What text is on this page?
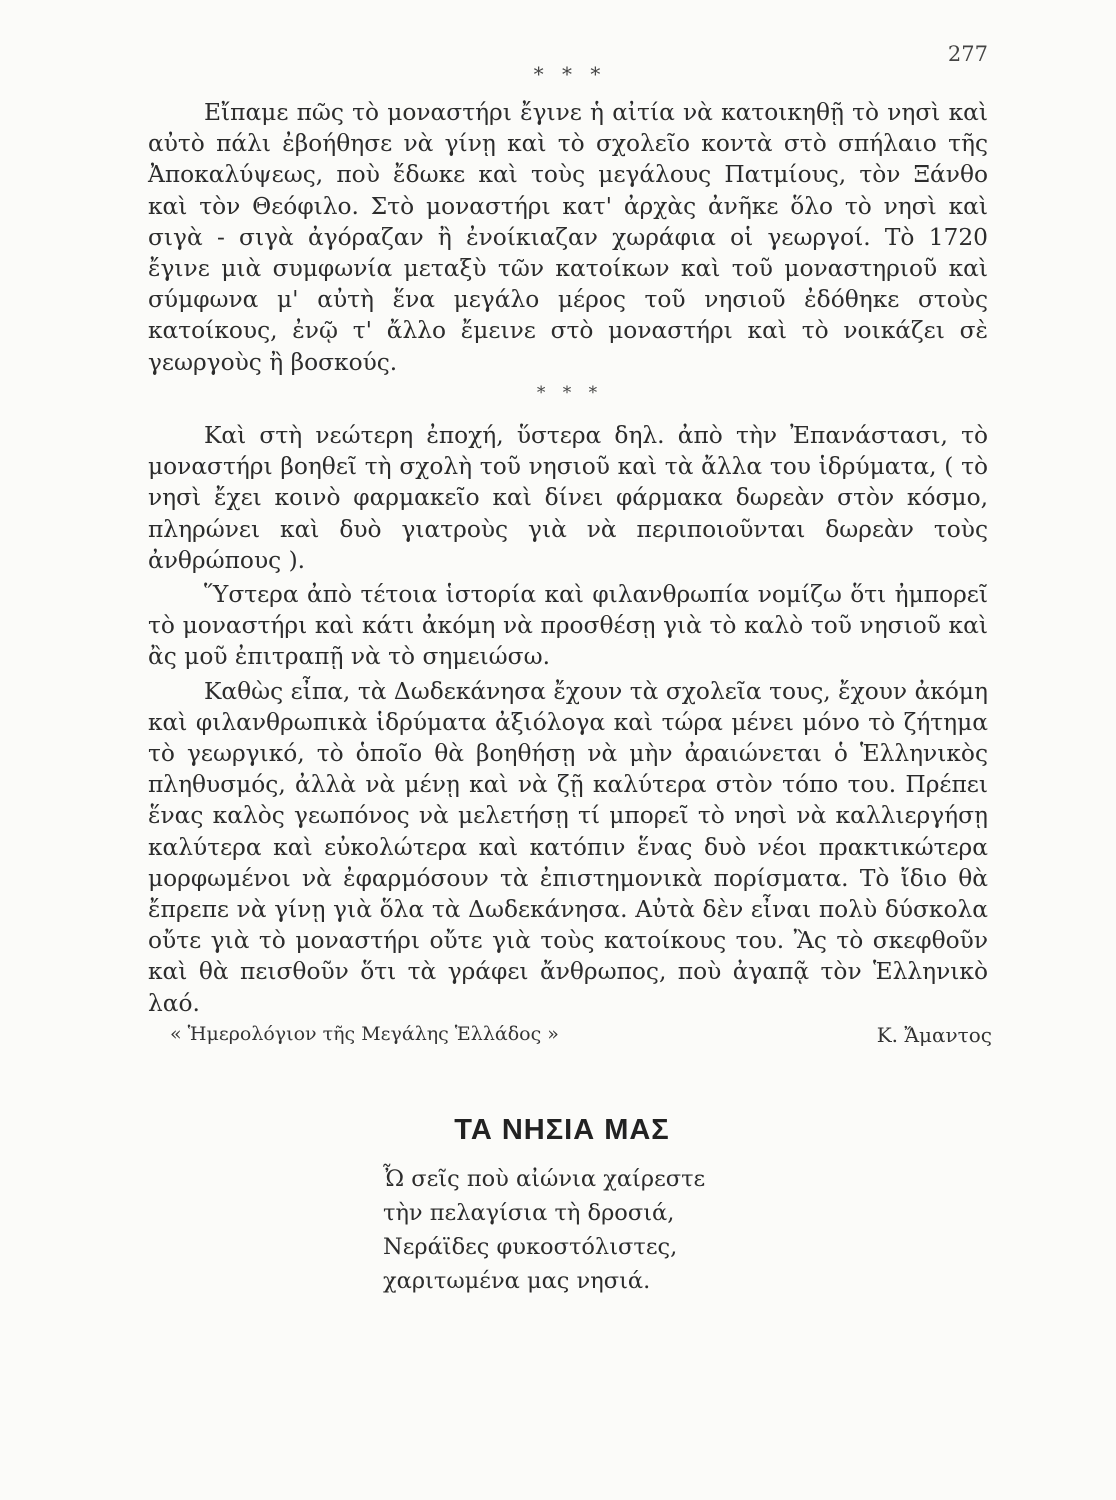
277
* * *

Εἴπαμε πῶς τὸ μοναστήρι ἔγινε ἡ αἰτία νὰ κατοικηθῇ τὸ νησὶ καὶ αὐτὸ πάλι ἐβοήθησε νὰ γίνῃ καὶ τὸ σχολεῖο κοντὰ στὸ σπήλαιο τῆς Ἀποκαλύψεως, ποὺ ἔδωκε καὶ τοὺς μεγάλους Πατμίους, τὸν Ξάνθο καὶ τὸν Θεόφιλο. Στὸ μοναστήρι κατ' ἀρχὰς ἀνῆκε ὅλο τὸ νησὶ καὶ σιγὰ - σιγὰ ἀγόραζαν ἢ ἐνοίκιαζαν χωράφια οἱ γεωργοί. Τὸ 1720 ἔγινε μιὰ συμφωνία μεταξὺ τῶν κατοίκων καὶ τοῦ μοναστηριοῦ καὶ σύμφωνα μ' αὐτὴ ἕνα μεγάλο μέρος τοῦ νησιοῦ ἐδόθηκε στοὺς κατοίκους, ἐνῷ τ' ἄλλο ἔμεινε στὸ μοναστήρι καὶ τὸ νοικάζει σὲ γεωργοὺς ἢ βοσκούς.

* * *

Καὶ στὴ νεώτερη ἐποχή, ὕστερα δηλ. ἀπὸ τὴν Ἐπανάστασι, τὸ μοναστήρι βοηθεῖ τὴ σχολὴ τοῦ νησιοῦ καὶ τὰ ἄλλα του ἱδρύματα, ( τὸ νησὶ ἔχει κοινὸ φαρμακεῖο καὶ δίνει φάρμακα δωρεὰν στὸν κόσμο, πληρώνει καὶ δυὸ γιατροὺς γιὰ νὰ περιποιοῦνται δωρεὰν τοὺς ἀνθρώπους ).

Ὕστερα ἀπὸ τέτοια ἱστορία καὶ φιλανθρωπία νομίζω ὅτι ἠμπορεῖ τὸ μοναστήρι καὶ κάτι ἀκόμη νὰ προσθέσῃ γιὰ τὸ καλὸ τοῦ νησιοῦ καὶ ἂς μοῦ ἐπιτραπῇ νὰ τὸ σημειώσω.

Καθὼς εἶπα, τὰ Δωδεκάνησα ἔχουν τὰ σχολεῖα τους, ἔχουν ἀκόμη καὶ φιλανθρωπικὰ ἱδρύματα ἀξιόλογα καὶ τώρα μένει μόνο τὸ ζήτημα τὸ γεωργικό, τὸ ὁποῖο θὰ βοηθήσῃ νὰ μὴν ἀραιώνεται ὁ Ἑλληνικὸς πληθυσμός, ἀλλὰ νὰ μένῃ καὶ νὰ ζῇ καλύτερα στὸν τόπο του. Πρέπει ἕνας καλὸς γεωπόνος νὰ μελετήσῃ τί μπορεῖ τὸ νησὶ νὰ καλλιεργήσῃ καλύτερα καὶ εὐκολώτερα καὶ κατόπιν ἕνας δυὸ νέοι πρακτικώτερα μορφωμένοι νὰ ἐφαρμόσουν τὰ ἐπιστημονικὰ πορίσματα. Τὸ ἴδιο θὰ ἔπρεπε νὰ γίνῃ γιὰ ὅλα τὰ Δωδεκάνησα. Αὐτὰ δὲν εἶναι πολὺ δύσκολα οὔτε γιὰ τὸ μοναστήρι οὔτε γιὰ τοὺς κατοίκους του. Ἂς τὸ σκεφθοῦν καὶ θὰ πεισθοῦν ὅτι τὰ γράφει ἄνθρωπος, ποὺ ἀγαπᾷ τὸν Ἑλληνικὸ λαό.

« Ἡμερολόγιον τῆς Μεγάλης Ἑλλάδος »	Κ. Ἄμαντος
ΤΑ ΝΗΣΙΑ ΜΑΣ
Ὦ σεῖς ποὺ αἰώνια χαίρεστε
τὴν πελαγίσια τὴ δροσιά,
Νεράϊδες φυκοστόλιστες,
χαριτωμένα μας νησιά.
